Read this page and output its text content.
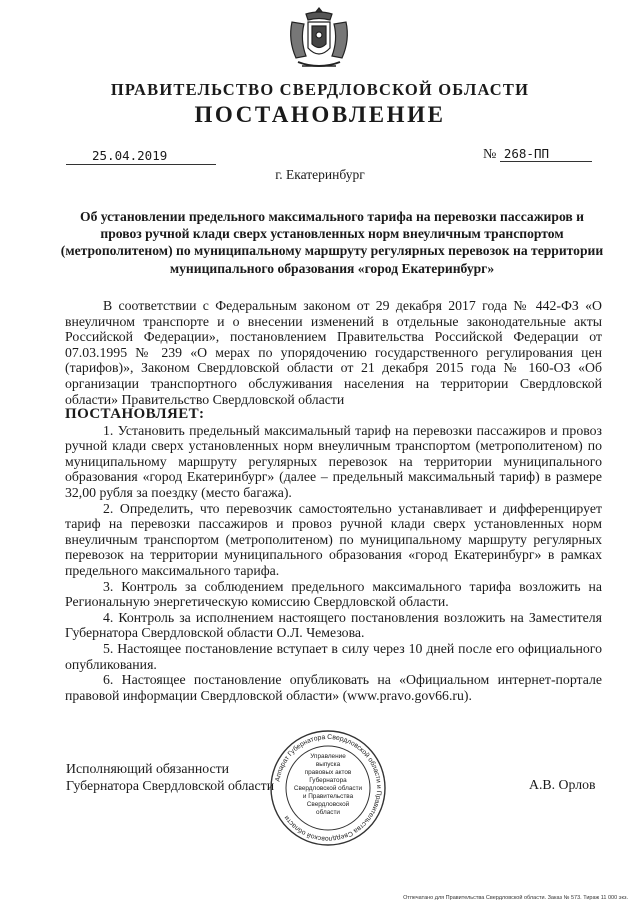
ПРАВИТЕЛЬСТВО СВЕРДЛОВСКОЙ ОБЛАСТИ
ПОСТАНОВЛЕНИЕ
25.04.2019	№ 268-ПП
г. Екатеринбург
Об установлении предельного максимального тарифа на перевозки пассажиров и провоз ручной клади сверх установленных норм внеуличным транспортом (метрополитеном) по муниципальному маршруту регулярных перевозок на территории муниципального образования «город Екатеринбург»

В соответствии с Федеральным законом от 29 декабря 2017 года № 442-ФЗ «О внеуличном транспорте и о внесении изменений в отдельные законодательные акты Российской Федерации», постановлением Правительства Российской Федерации от 07.03.1995 № 239 «О мерах по упорядочению государственного регулирования цен (тарифов)», Законом Свердловской области от 21 декабря 2015 года № 160-ОЗ «Об организации транспортного обслуживания населения на территории Свердловской области» Правительство Свердловской области

ПОСТАНОВЛЯЕТ:

1. Установить предельный максимальный тариф на перевозки пассажиров и провоз ручной клади сверх установленных норм внеуличным транспортом (метрополитеном) по муниципальному маршруту регулярных перевозок на территории муниципального образования «город Екатеринбург» (далее – предельный максимальный тариф) в размере 32,00 рубля за поездку (место багажа).

2. Определить, что перевозчик самостоятельно устанавливает и дифференцирует тариф на перевозки пассажиров и провоз ручной клади сверх установленных норм внеуличным транспортом (метрополитеном) по муниципальному маршруту регулярных перевозок на территории муниципального образования «город Екатеринбург» в рамках предельного максимального тарифа.

3. Контроль за соблюдением предельного максимального тарифа возложить на Региональную энергетическую комиссию Свердловской области.

4. Контроль за исполнением настоящего постановления возложить на Заместителя Губернатора Свердловской области О.Л. Чемезова.

5. Настоящее постановление вступает в силу через 10 дней после его официального опубликования.

6. Настоящее постановление опубликовать на «Официальном интернет-портале правовой информации Свердловской области» (www.pravo.gov66.ru).

Исполняющий обязанности
Губернатора Свердловской области	А.В. Орлов
Аппарат Губернатора Свердловской области и Правительства Свердловской области
Управление
выпуска
правовых актов
Губернатора
Свердловской области
и Правительства
Свердловской
области
Отпечатано для Правительства Свердловской области. Заказ № 573. Тираж 11 000 экз.
